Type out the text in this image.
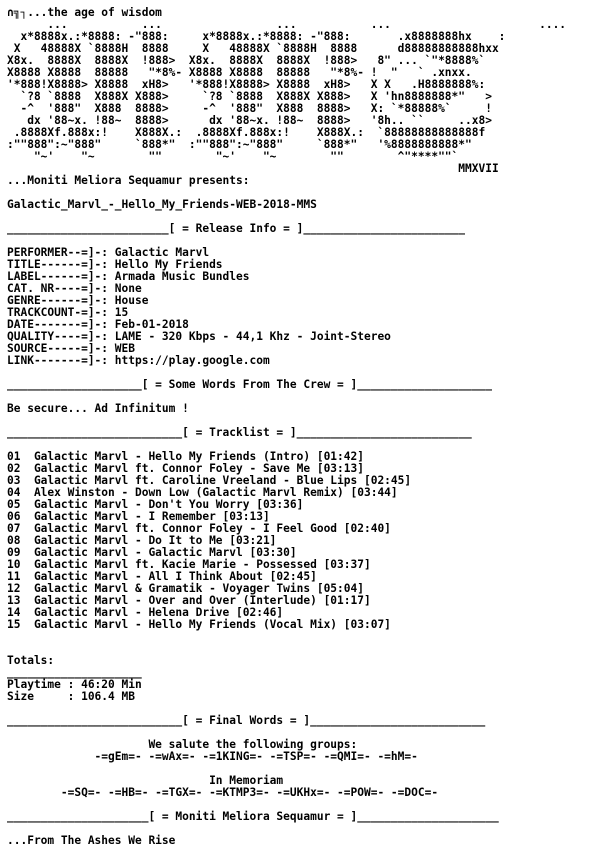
∩╗┐...the age of wisdom
...           ...                 ...           ...                      ....
x*8888x.:*8888: -"888:     x*8888x.:*8888: -"888:       .x8888888hx    :
X   48888X `8888H  8888     X   48888X `8888H  8888      d88888888888hxx
X8x.  8888X  8888X  !888>  X8x.  8888X  8888X  !888>   8" ... `"*8888%`
X8888 X8888  88888   "*8%- X8888 X8888  88888   "*8%- !  "   ` .xnxx.
'*888!X8888> X8888  xH8>   '*888!X8888> X8888  xH8>   X X   .H8888888%:
`?8 `8888  X888X X888>     `?8 `8888  X888X X888>   X 'hn8888888*"   >
-^  '888"  X888  8888>     -^  '888"  X888  8888>   X: `*88888%`     !
dx '88~x. !88~  8888>      dx '88~x. !88~  8888>   '8h.. ``     ..x8>
.8888Xf.888x:!    X888X.:  .8888Xf.888x:!    X888X.:  `88888888888888f
:""888":~"888"     `888*"  :""888":~"888"     `888*"   '%8888888888*"
"~'    "~        ""        "~'    "~        ""        ^"****""`
MMXVII
...Moniti Meliora Sequamur presents:

Galactic_Marvl_-_Hello_My_Friends-WEB-2018-MMS

________________________[ = Release Info = ]________________________

PERFORMER--=]-: Galactic Marvl
TITLE------=]-: Hello My Friends
LABEL------=]-: Armada Music Bundles
CAT. NR----=]-: None
GENRE------=]-: House
TRACKCOUNT-=]-: 15
DATE-------=]-: Feb-01-2018
QUALITY----=]-: LAME - 320 Kbps - 44,1 Khz - Joint-Stereo
SOURCE-----=]-: WEB
LINK-------=]-: https://play.google.com

____________________[ = Some Words From The Crew = ]____________________

Be secure... Ad Infinitum !

__________________________[ = Tracklist = ]__________________________

01  Galactic Marvl - Hello My Friends (Intro) [01:42]
02  Galactic Marvl ft. Connor Foley - Save Me [03:13]
03  Galactic Marvl ft. Caroline Vreeland - Blue Lips [02:45]
04  Alex Winston - Down Low (Galactic Marvl Remix) [03:44]
05  Galactic Marvl - Don't You Worry [03:36]
06  Galactic Marvl - I Remember [03:13]
07  Galactic Marvl ft. Connor Foley - I Feel Good [02:40]
08  Galactic Marvl - Do It to Me [03:21]
09  Galactic Marvl - Galactic Marvl [03:30]
10  Galactic Marvl ft. Kacie Marie - Possessed [03:37]
11  Galactic Marvl - All I Think About [02:45]
12  Galactic Marvl & Gramatik - Voyager Twins [05:04]
13  Galactic Marvl - Over and Over (Interlude) [01:17]
14  Galactic Marvl - Helena Drive [02:46]
15  Galactic Marvl - Hello My Friends (Vocal Mix) [03:07]

Totals:
____________________
Playtime : 46:20 Min
Size     : 106.4 MB

__________________________[ = Final Words = ]__________________________

We salute the following groups:
-=gEm=- -=wAx=- -=1KING=- -=TSP=- -=QMI=- -=hM=-

In Memoriam
-=SQ=- -=HB=- -=TGX=- -=KTMP3=- -=UKHx=- -=POW=- -=DOC=-

_____________________[ = Moniti Meliora Sequamur = ]_____________________

...From The Ashes We Rise
